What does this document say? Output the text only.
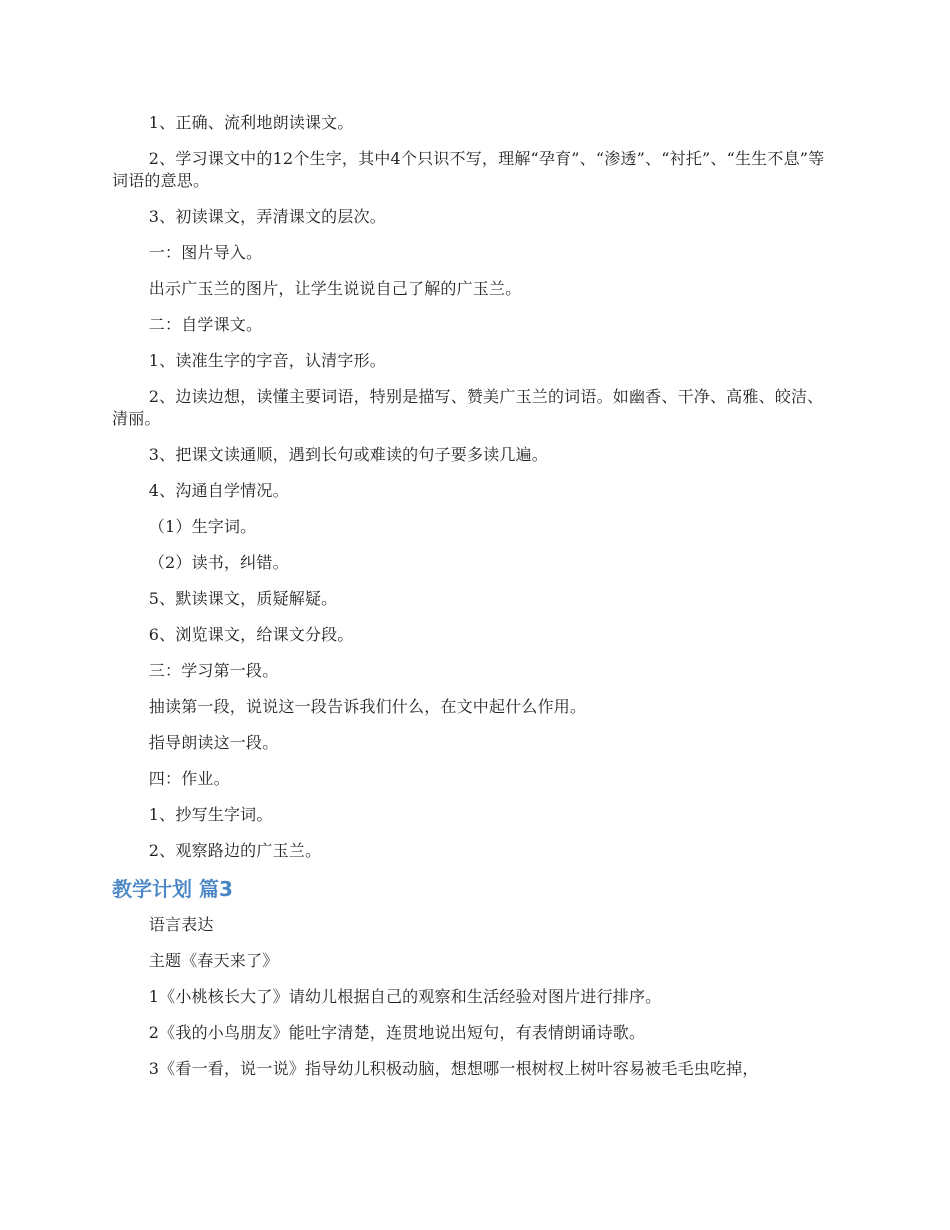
1、正确、流利地朗读课文。

2、学习课文中的12个生字，其中4个只识不写，理解“孕育”、“渗透”、“衬托”、“生生不息”等词语的意思。

3、初读课文，弄清课文的层次。

一：图片导入。

出示广玉兰的图片，让学生说说自己了解的广玉兰。

二：自学课文。

1、读准生字的字音，认清字形。

2、边读边想，读懂主要词语，特别是描写、赞美广玉兰的词语。如幽香、干净、高雅、皎洁、清丽。

3、把课文读通顺，遇到长句或难读的句子要多读几遍。

4、沟通自学情况。

（1）生字词。

（2）读书，纠错。

5、默读课文，质疑解疑。

6、浏览课文，给课文分段。

三：学习第一段。

抽读第一段，说说这一段告诉我们什么，在文中起什么作用。

指导朗读这一段。

四：作业。

1、抄写生字词。

2、观察路边的广玉兰。

教学计划 篇3

语言表达

主题《春天来了》

1《小桃核长大了》请幼儿根据自己的观察和生活经验对图片进行排序。

2《我的小鸟朋友》能吐字清楚，连贯地说出短句，有表情朗诵诗歌。

3《看一看，说一说》指导幼儿积极动脑，想想哪一根树杈上树叶容易被毛毛虫吃掉，
